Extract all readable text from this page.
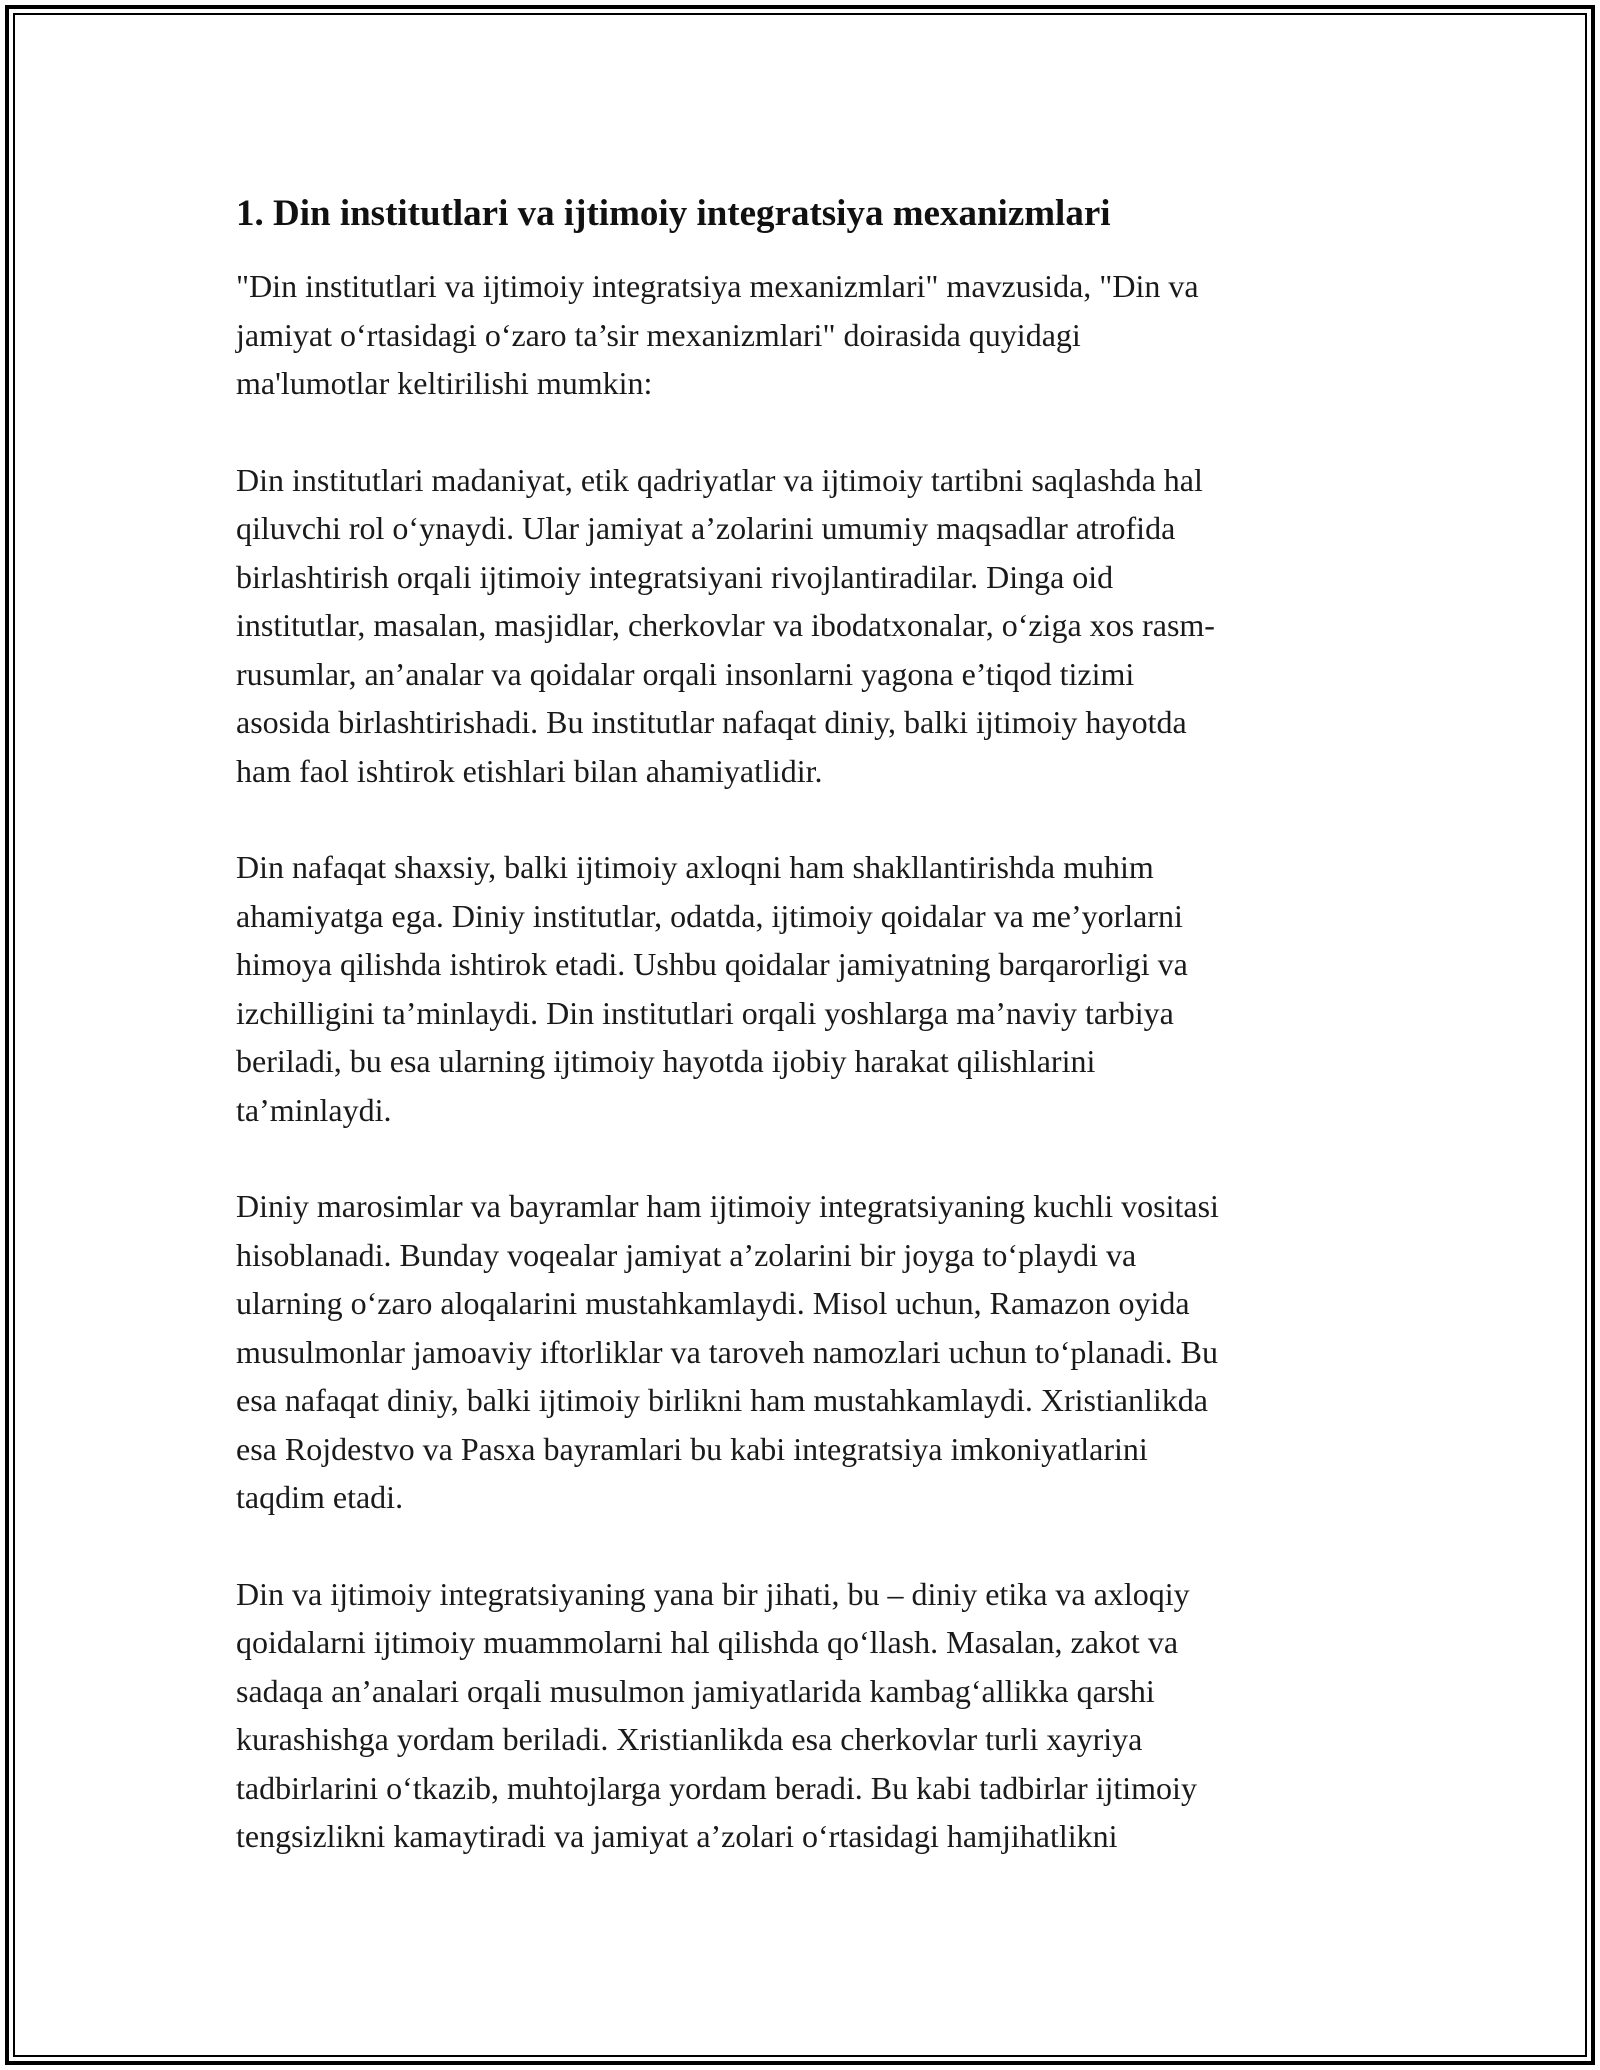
1. Din institutlari va ijtimoiy integratsiya mexanizmlari

"Din institutlari va ijtimoiy integratsiya mexanizmlari" mavzusida, "Din va
jamiyat o‘rtasidagi o‘zaro ta’sir mexanizmlari" doirasida quyidagi
ma'lumotlar keltirilishi mumkin:

Din institutlari madaniyat, etik qadriyatlar va ijtimoiy tartibni saqlashda hal
qiluvchi rol o‘ynaydi. Ular jamiyat a’zolarini umumiy maqsadlar atrofida
birlashtirish orqali ijtimoiy integratsiyani rivojlantiradilar. Dinga oid
institutlar, masalan, masjidlar, cherkovlar va ibodatxonalar, o‘ziga xos rasm-
rusumlar, an’analar va qoidalar orqali insonlarni yagona e’tiqod tizimi
asosida birlashtirishadi. Bu institutlar nafaqat diniy, balki ijtimoiy hayotda
ham faol ishtirok etishlari bilan ahamiyatlidir.

Din nafaqat shaxsiy, balki ijtimoiy axloqni ham shakllantirishda muhim
ahamiyatga ega. Diniy institutlar, odatda, ijtimoiy qoidalar va me’yorlarni
himoya qilishda ishtirok etadi. Ushbu qoidalar jamiyatning barqarorligi va
izchilligini ta’minlaydi. Din institutlari orqali yoshlarga ma’naviy tarbiya
beriladi, bu esa ularning ijtimoiy hayotda ijobiy harakat qilishlarini
ta’minlaydi.

Diniy marosimlar va bayramlar ham ijtimoiy integratsiyaning kuchli vositasi
hisoblanadi. Bunday voqealar jamiyat a’zolarini bir joyga to‘playdi va
ularning o‘zaro aloqalarini mustahkamlaydi. Misol uchun, Ramazon oyida
musulmonlar jamoaviy iftorliklar va taroveh namozlari uchun to‘planadi. Bu
esa nafaqat diniy, balki ijtimoiy birlikni ham mustahkamlaydi. Xristianlikda
esa Rojdestvo va Pasxa bayramlari bu kabi integratsiya imkoniyatlarini
taqdim etadi.

Din va ijtimoiy integratsiyaning yana bir jihati, bu – diniy etika va axloqiy
qoidalarni ijtimoiy muammolarni hal qilishda qo‘llash. Masalan, zakot va
sadaqa an’analari orqali musulmon jamiyatlarida kambag‘allikka qarshi
kurashishga yordam beriladi. Xristianlikda esa cherkovlar turli xayriya
tadbirlarini o‘tkazib, muhtojlarga yordam beradi. Bu kabi tadbirlar ijtimoiy
tengsizlikni kamaytiradi va jamiyat a’zolari o‘rtasidagi hamjihatlikni
